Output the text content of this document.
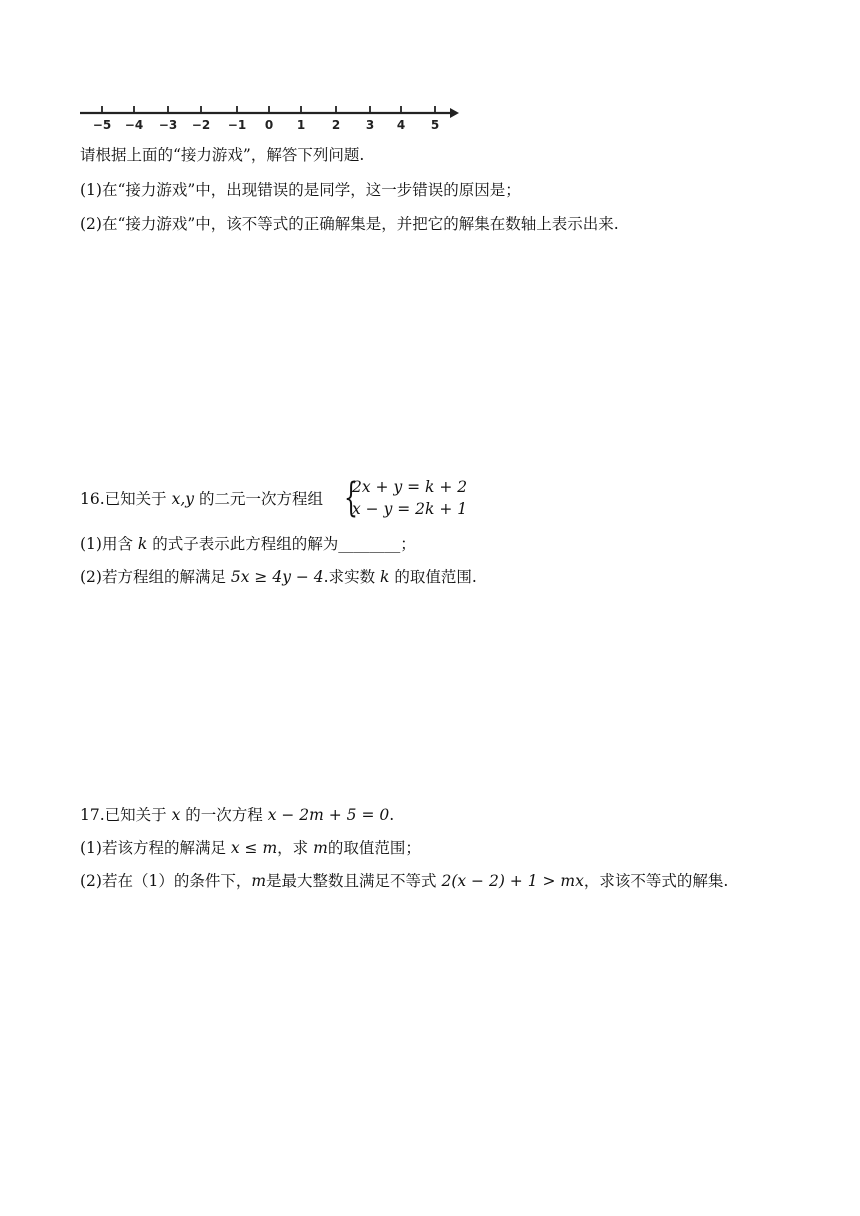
−5 −4 −3 −2 −1 0 1 2 3 4 5
请根据上面的“接力游戏”，解答下列问题.
(1)在“接力游戏”中，出现错误的是同学，这一步错误的原因是；
(2)在“接力游戏”中，该不等式的正确解集是，并把它的解集在数轴上表示出来.
16.已知关于 x,y 的二元一次方程组 {
2x + y = k + 2
x − y = 2k + 1
(1)用含 k 的式子表示此方程组的解为________；
(2)若方程组的解满足 5x ≥ 4y − 4.求实数 k 的取值范围.
17.已知关于 x 的一次方程 x − 2m + 5 = 0.
(1)若该方程的解满足 x ≤ m，求 m的取值范围；
(2)若在（1）的条件下，m是最大整数且满足不等式 2(x − 2) + 1 > mx，求该不等式的解集.
